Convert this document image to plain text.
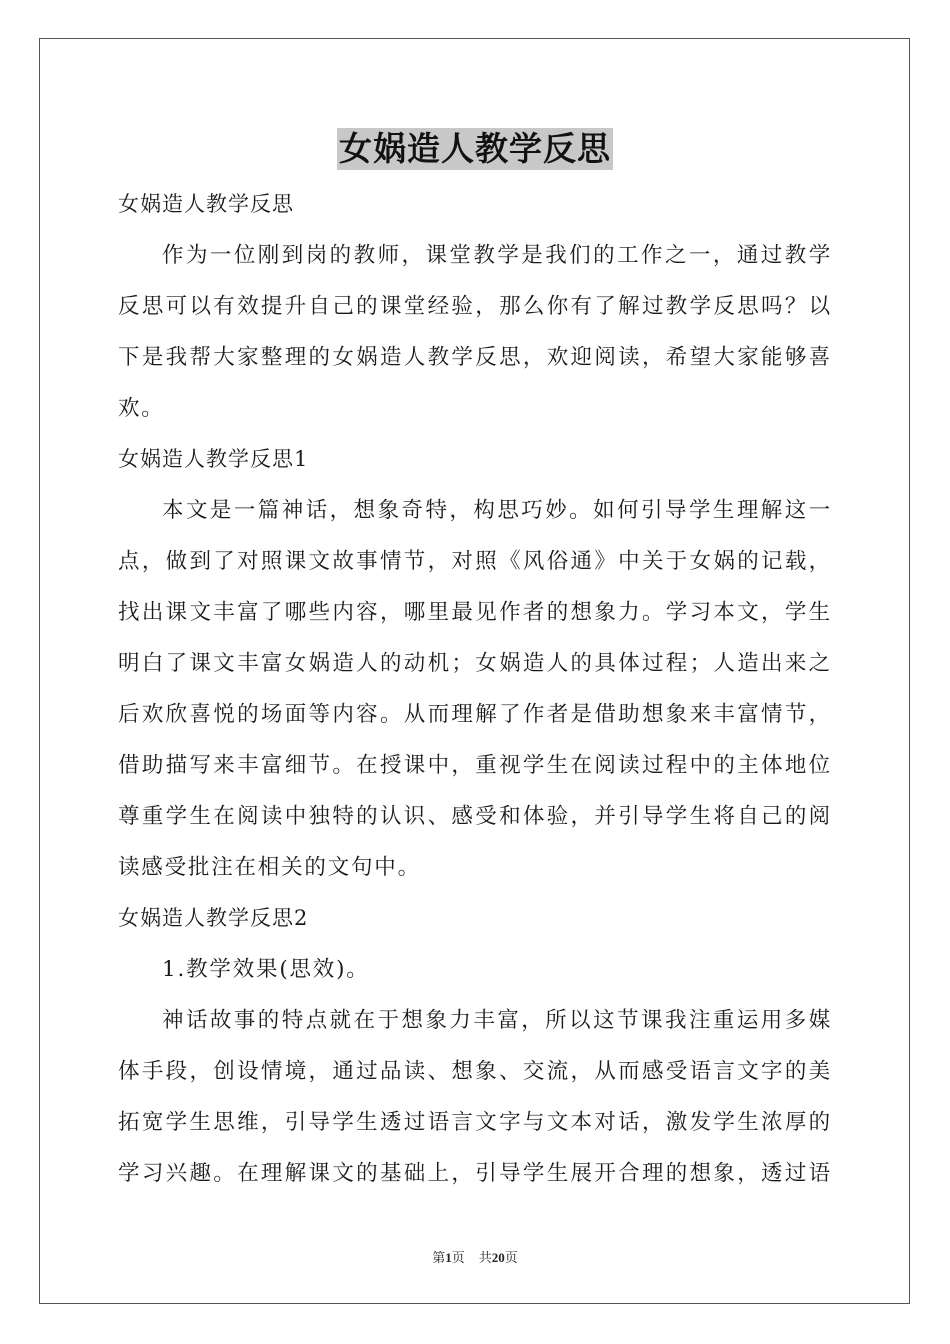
女娲造人教学反思
女娲造人教学反思
作为一位刚到岗的教师，课堂教学是我们的工作之一，通过教学
反思可以有效提升自己的课堂经验，那么你有了解过教学反思吗？以
下是我帮大家整理的女娲造人教学反思，欢迎阅读，希望大家能够喜
欢。
女娲造人教学反思1
本文是一篇神话，想象奇特，构思巧妙。如何引导学生理解这一
点，做到了对照课文故事情节，对照《风俗通》中关于女娲的记载，
找出课文丰富了哪些内容，哪里最见作者的想象力。学习本文，学生
明白了课文丰富女娲造人的动机；女娲造人的具体过程；人造出来之
后欢欣喜悦的场面等内容。从而理解了作者是借助想象来丰富情节，
借助描写来丰富细节。在授课中，重视学生在阅读过程中的主体地位
尊重学生在阅读中独特的认识、感受和体验，并引导学生将自己的阅
读感受批注在相关的文句中。
女娲造人教学反思2
1.教学效果(思效)。
神话故事的特点就在于想象力丰富，所以这节课我注重运用多媒
体手段，创设情境，通过品读、想象、交流，从而感受语言文字的美
拓宽学生思维，引导学生透过语言文字与文本对话，激发学生浓厚的
学习兴趣。在理解课文的基础上，引导学生展开合理的想象，透过语
第1页 共20页
